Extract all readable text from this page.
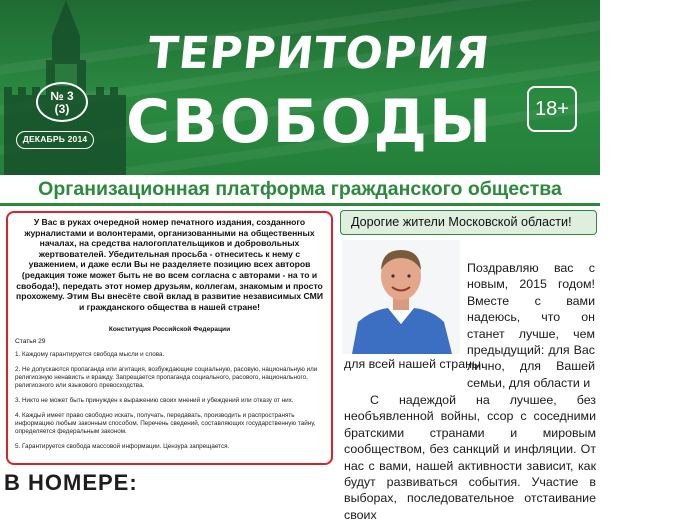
№ 3
(3)
ДЕКАБРЬ 2014
ТЕРРИТОРИЯ
СВОБОДЫ	18+
Организационная платформа гражданского общества
У Вас в руках очередной номер печатного издания, созданного журналистами и волонтерами, организованными на общественных началах, на средства налогоплательщиков и добровольных жертвователей. Убедительная просьба - отнеситесь к нему с уважением, и даже если Вы не разделяете позицию всех авторов (редакция тоже может быть не во всем согласна с авторами - на то и свобода!), передать этот номер друзьям, коллегам, знакомым и просто прохожему. Этим Вы внесёте свой вклад в развитие независимых СМИ и гражданского общества в нашей стране!
Конституция Российской Федерации
Статья 29
1. Каждому гарантируется свобода мысли и слова.
2. Не допускаются пропаганда или агитация, возбуждающие социальную, расовую, национальную или религиозную ненависть и вражду. Запрещается пропаганда социального, расового, национального, религиозного или языкового превосходства.
3. Никто не может быть принужден к выражению своих мнений и убеждений или отказу от них.
4. Каждый имеет право свободно искать, получать, передавать, производить и распространять информацию любым законным способом. Перечень сведений, составляющих государственную тайну, определяется федеральным законом.
5. Гарантируется свобода массовой информации. Цензура запрещается.
В НОМЕРЕ:
Дорогие жители Московской области!
Поздравляю вас с новым, 2015 годом! Вместе с вами надеюсь, что он станет лучше, чем предыдущий: для Вас лично, для Вашей семьи, для области и
для всей нашей страны.
С надеждой на лучшее, без необъявленной войны, ссор с соседними братскими странами и мировым сообществом, без санкций и инфляции. От нас с вами, нашей активности зависит, как будут развиваться события. Участие в выборах, последовательное отстаивание своих
